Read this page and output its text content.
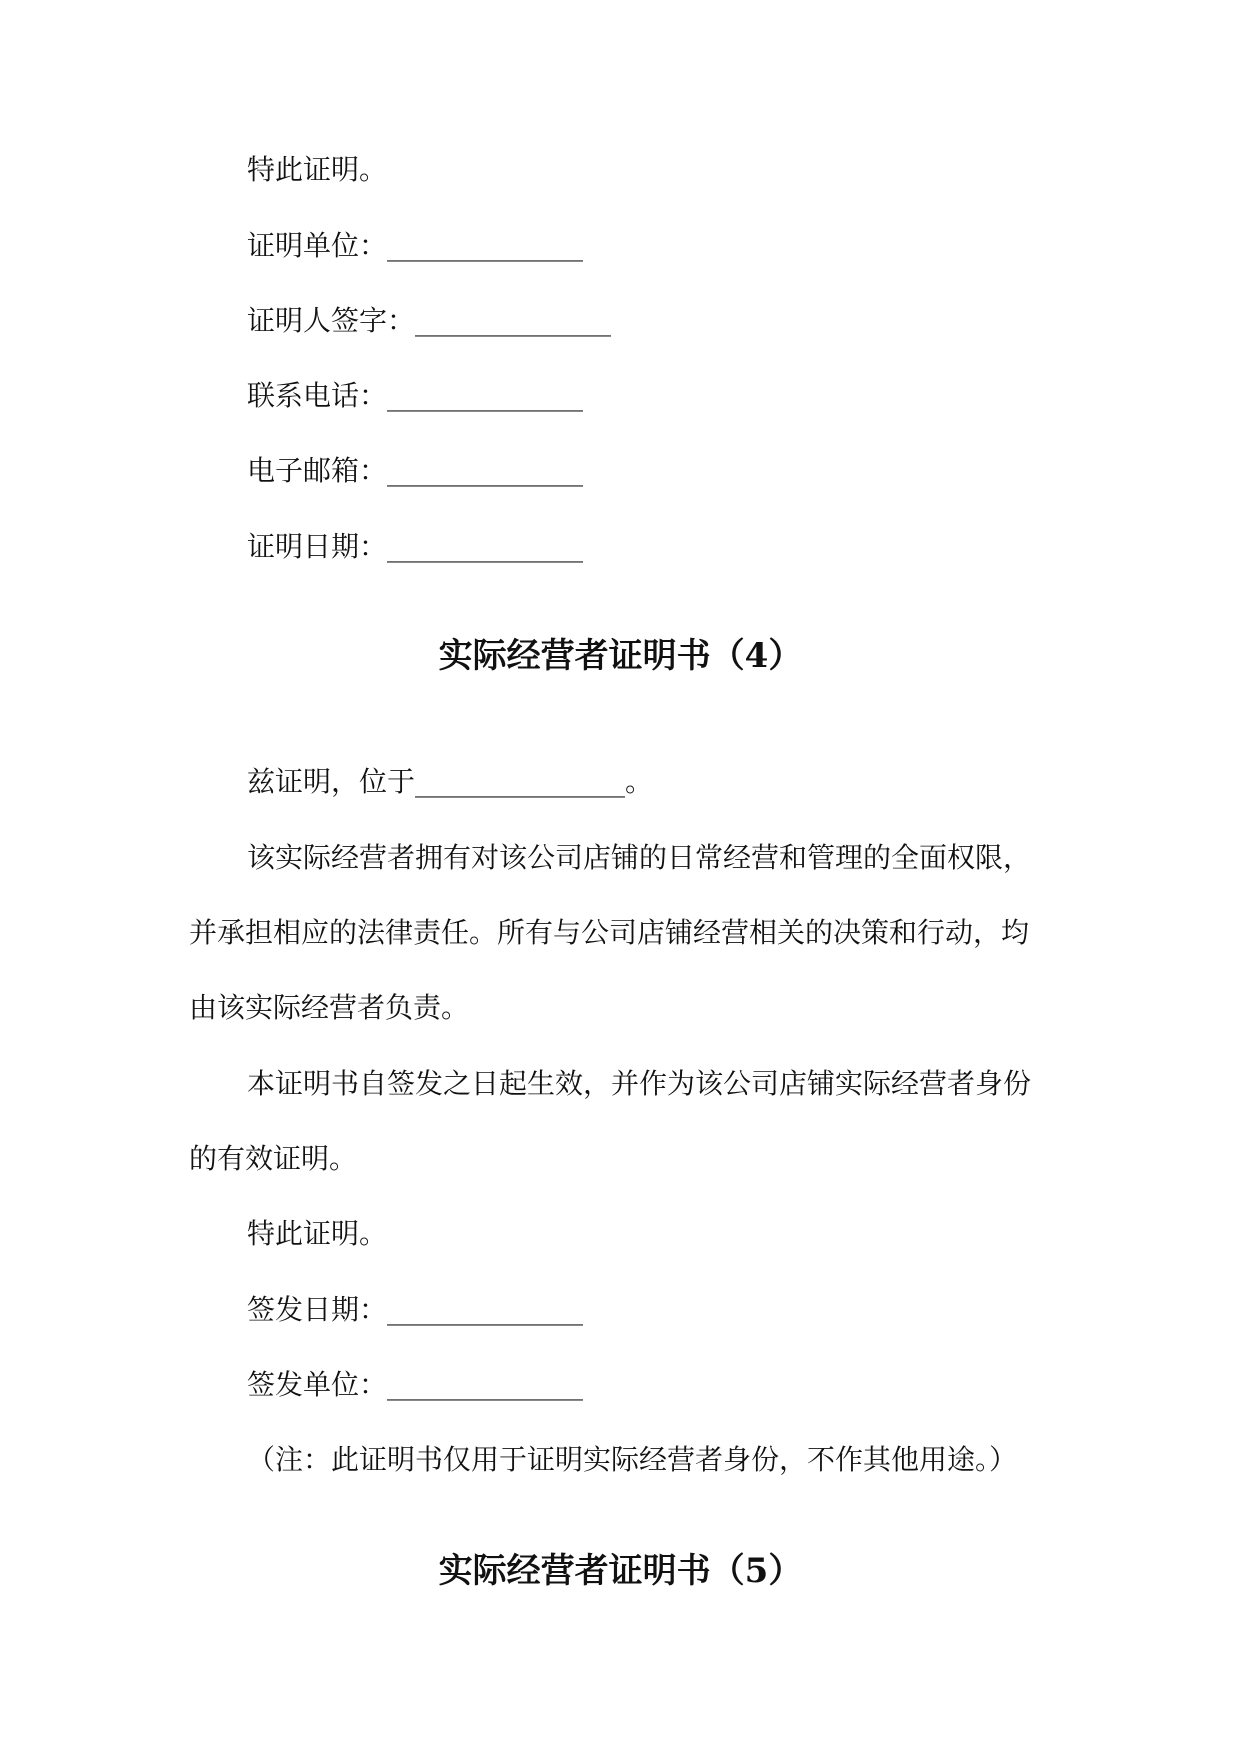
特此证明。
证明单位：______________
证明人签字：______________
联系电话：______________
电子邮箱：______________
证明日期：______________
实际经营者证明书（4）
兹证明，位于_______________。
该实际经营者拥有对该公司店铺的日常经营和管理的全面权限，
并承担相应的法律责任。所有与公司店铺经营相关的决策和行动，均
由该实际经营者负责。
本证明书自签发之日起生效，并作为该公司店铺实际经营者身份
的有效证明。
特此证明。
签发日期：______________
签发单位：______________
（注：此证明书仅用于证明实际经营者身份，不作其他用途。）
实际经营者证明书（5）
